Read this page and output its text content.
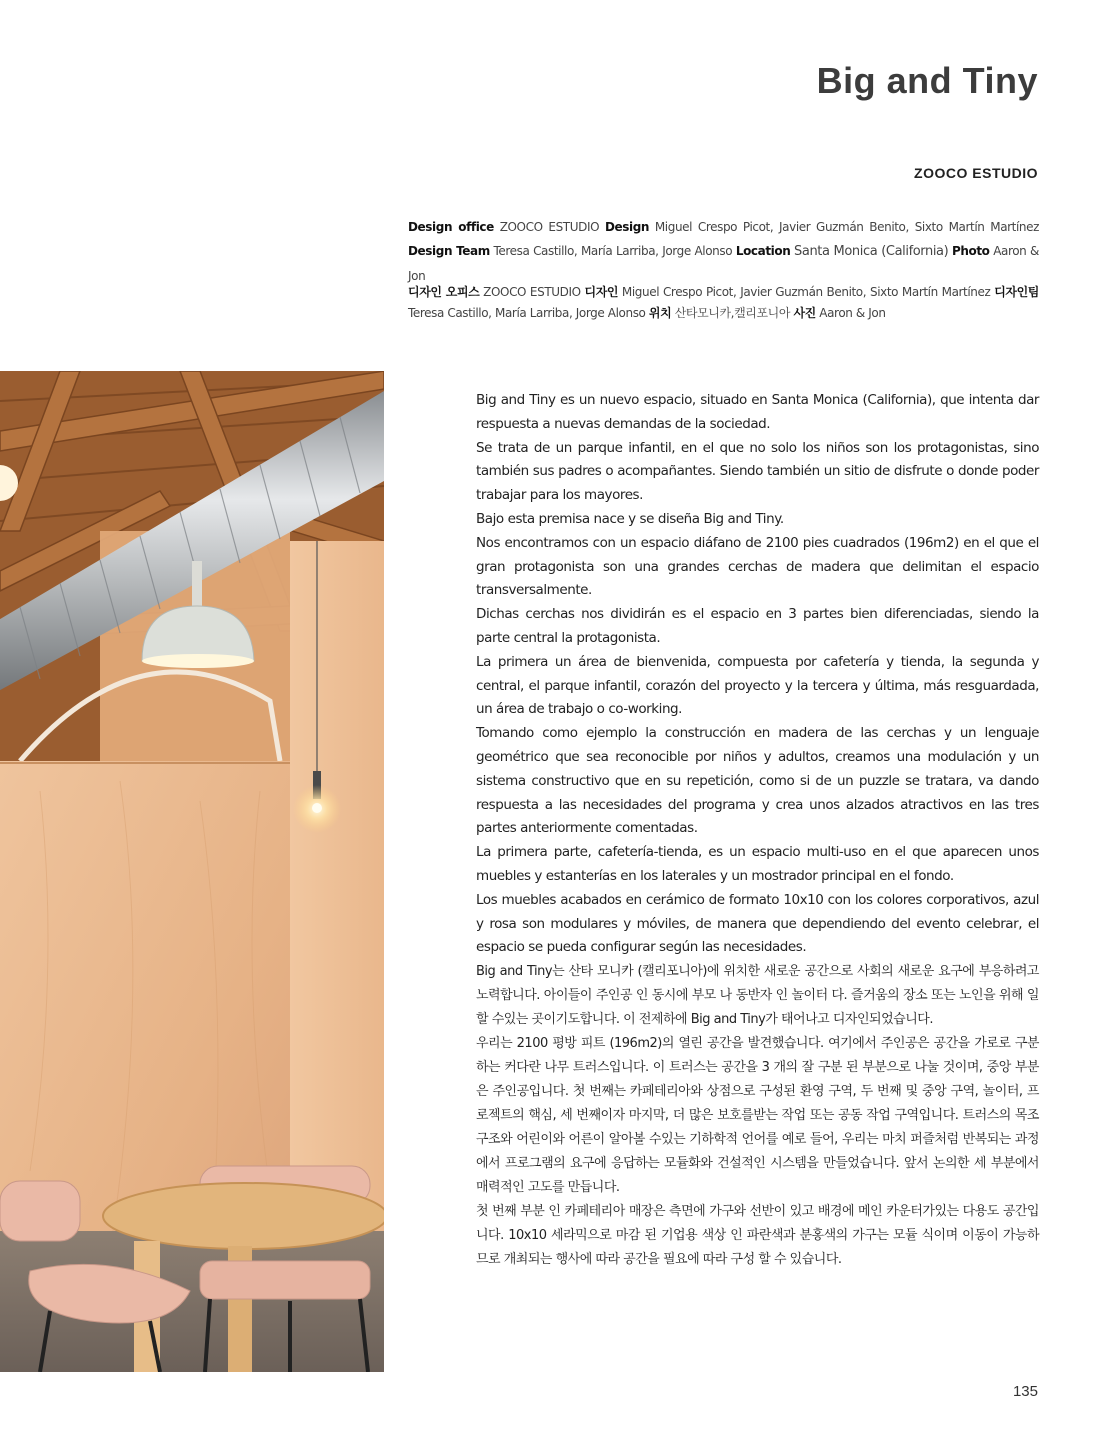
Big and Tiny
ZOOCO ESTUDIO
Design office ZOOCO ESTUDIO Design Miguel Crespo Picot, Javier Guzmán Benito, Sixto Martín Martínez Design Team Teresa Castillo, María Larriba, Jorge Alonso Location Santa Monica (California) Photo Aaron & Jon
디자인 오피스 ZOOCO ESTUDIO 디자인 Miguel Crespo Picot, Javier Guzmán Benito, Sixto Martín Martínez 디자인팀 Teresa Castillo, María Larriba, Jorge Alonso 위치 산타모니카,캘리포니아 사진 Aaron & Jon

Big and Tiny es un nuevo espacio, situado en Santa Monica (California), que intenta dar respuesta a nuevas demandas de la sociedad.

Se trata de un parque infantil, en el que no solo los niños son los protagonistas, sino también sus padres o acompañantes. Siendo también un sitio de disfrute o donde poder trabajar para los mayores.

Bajo esta premisa nace y se diseña Big and Tiny.

Nos encontramos con un espacio diáfano de 2100 pies cuadrados (196m2) en el que el gran protagonista son una grandes cerchas de madera que delimitan el espacio transversalmente.

Dichas cerchas nos dividirán es el espacio en 3 partes bien diferenciadas, siendo la parte central la protagonista.

La primera un área de bienvenida, compuesta por cafetería y tienda, la segunda y central, el parque infantil, corazón del proyecto y la tercera y última, más resguardada, un área de trabajo o co-working.

Tomando como ejemplo la construcción en madera de las cerchas y un lenguaje geométrico que sea reconocible por niños y adultos, creamos una modulación y un sistema constructivo que en su repetición, como si de un puzzle se tratara, va dando respuesta a las necesidades del programa y crea unos alzados atractivos en las tres partes anteriormente comentadas.

La primera parte, cafetería-tienda, es un espacio multi-uso en el que aparecen unos muebles y estanterías en los laterales y un mostrador principal en el fondo.

Los muebles acabados en cerámico de formato 10x10 con los colores corporativos, azul y rosa son modulares y móviles, de manera que dependiendo del evento celebrar, el espacio se pueda configurar según las necesidades.

Big and Tiny는 산타 모니카 (캘리포니아)에 위치한 새로운 공간으로 사회의 새로운 요구에 부응하려고 노력합니다. 아이들이 주인공 인 동시에 부모 나 동반자 인 놀이터 다. 즐거움의 장소 또는 노인을 위해 일할 수있는 곳이기도합니다. 이 전제하에 Big and Tiny가 태어나고 디자인되었습니다.

우리는 2100 평방 피트 (196m2)의 열린 공간을 발견했습니다. 여기에서 주인공은 공간을 가로로 구분하는 커다란 나무 트러스입니다. 이 트러스는 공간을 3 개의 잘 구분 된 부분으로 나눌 것이며, 중앙 부분은 주인공입니다. 첫 번째는 카페테리아와 상점으로 구성된 환영 구역, 두 번째 및 중앙 구역, 놀이터, 프로젝트의 핵심, 세 번째이자 마지막, 더 많은 보호를받는 작업 또는 공동 작업 구역입니다. 트러스의 목조 구조와 어린이와 어른이 알아볼 수있는 기하학적 언어를 예로 들어, 우리는 마치 퍼즐처럼 반복되는 과정에서 프로그램의 요구에 응답하는 모듈화와 건설적인 시스템을 만들었습니다. 앞서 논의한 세 부분에서 매력적인 고도를 만듭니다.

첫 번째 부분 인 카페테리아 매장은 측면에 가구와 선반이 있고 배경에 메인 카운터가있는 다용도 공간입니다. 10x10 세라믹으로 마감 된 기업용 색상 인 파란색과 분홍색의 가구는 모듈 식이며 이동이 가능하므로 개최되는 행사에 따라 공간을 필요에 따라 구성 할 수 있습니다.

135
